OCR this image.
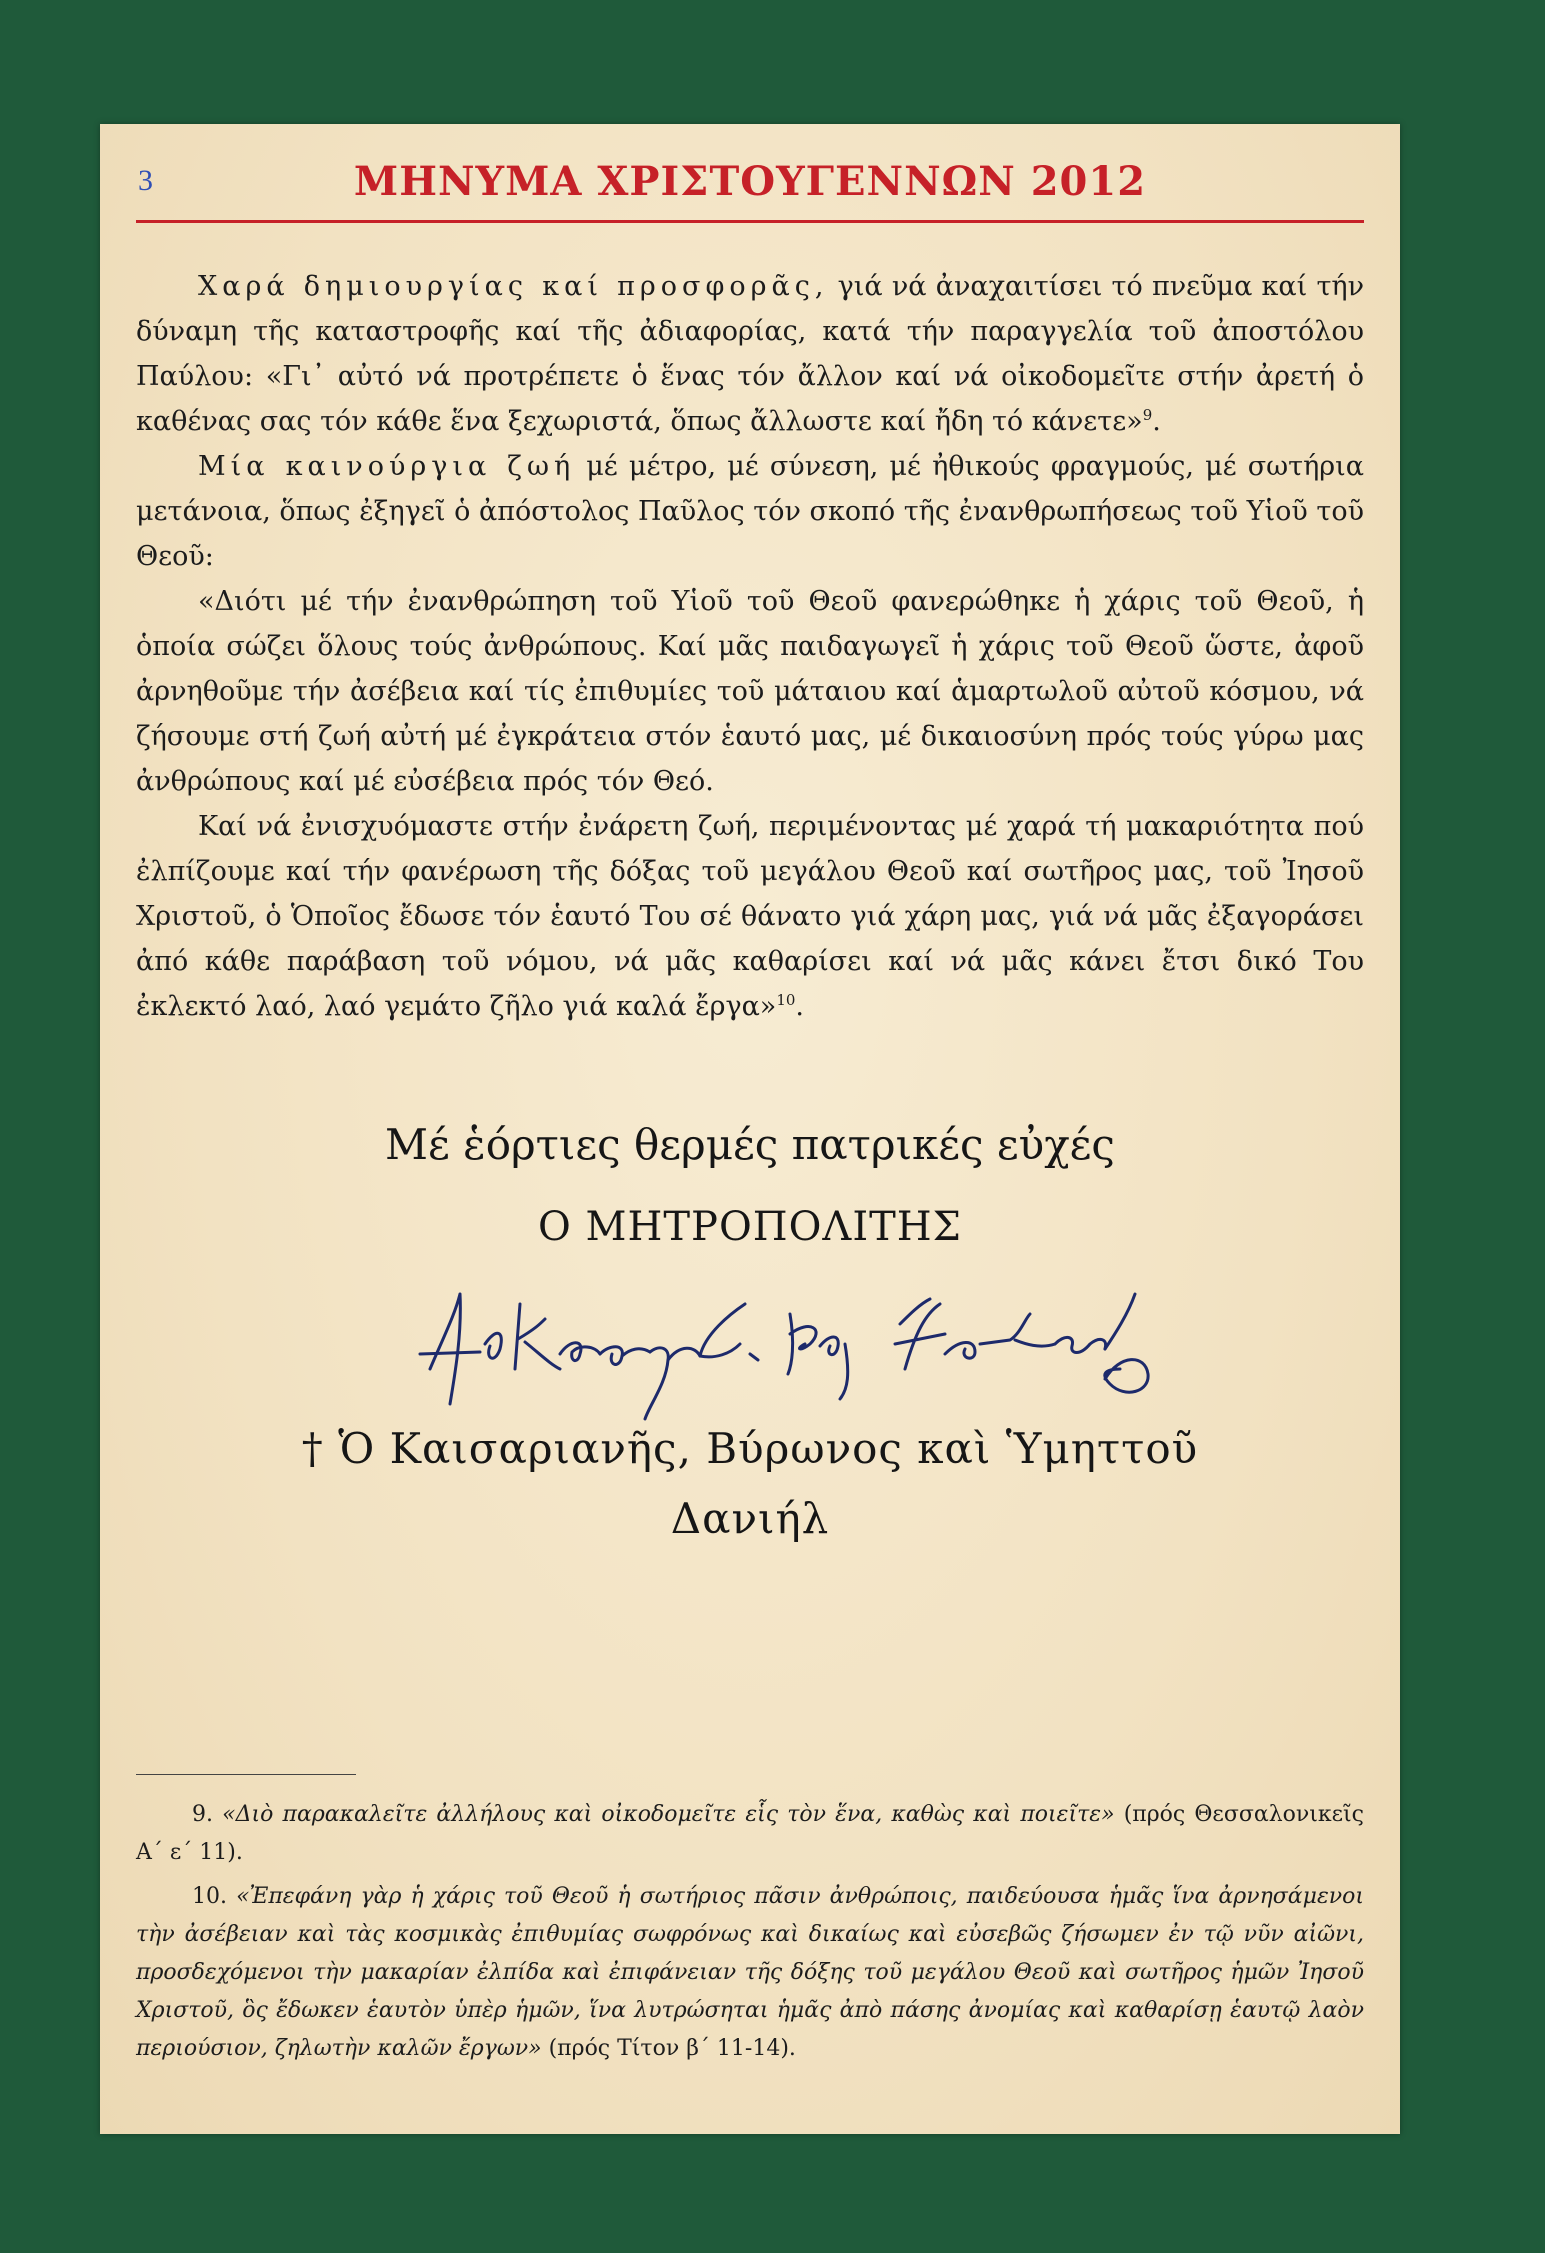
3	ΜΗΝΥΜΑ ΧΡΙΣΤΟΥΓΕΝΝΩΝ 2012

Χαρά δημιουργίας καί προσφορᾶς, γιά νά ἀναχαιτίσει τό πνεῦμα καί τήν δύναμη τῆς καταστροφῆς καί τῆς ἀδιαφορίας, κατά τήν παραγγελία τοῦ ἀποστόλου Παύλου: «Γι᾽ αὐτό νά προτρέπετε ὁ ἕνας τόν ἄλλον καί νά οἰκοδομεῖτε στήν ἀρετή ὁ καθένας σας τόν κάθε ἕνα ξεχωριστά, ὅπως ἄλλωστε καί ἤδη τό κάνετε»$^9$.

Μία καινούργια ζωή μέ μέτρο, μέ σύνεση, μέ ἠθικούς φραγμούς, μέ σωτήρια μετάνοια, ὅπως ἐξηγεῖ ὁ ἀπόστολος Παῦλος τόν σκοπό τῆς ἐνανθρωπήσεως τοῦ Υἱοῦ τοῦ Θεοῦ:

«Διότι μέ τήν ἐνανθρώπηση τοῦ Υἱοῦ τοῦ Θεοῦ φανερώθηκε ἡ χάρις τοῦ Θεοῦ, ἡ ὁποία σώζει ὅλους τούς ἀνθρώπους. Καί μᾶς παιδαγωγεῖ ἡ χάρις τοῦ Θεοῦ ὥστε, ἀφοῦ ἀρνηθοῦμε τήν ἀσέβεια καί τίς ἐπιθυμίες τοῦ μάταιου καί ἁμαρτωλοῦ αὐτοῦ κόσμου, νά ζήσουμε στή ζωή αὐτή μέ ἐγκράτεια στόν ἑαυτό μας, μέ δικαιοσύνη πρός τούς γύρω μας ἀνθρώπους καί μέ εὐσέβεια πρός τόν Θεό.

Καί νά ἐνισχυόμαστε στήν ἐνάρετη ζωή, περιμένοντας μέ χαρά τή μακαριότητα πού ἐλπίζουμε καί τήν φανέρωση τῆς δόξας τοῦ μεγάλου Θεοῦ καί σωτῆρος μας, τοῦ Ἰησοῦ Χριστοῦ, ὁ Ὁποῖος ἔδωσε τόν ἑαυτό Του σέ θάνατο γιά χάρη μας, γιά νά μᾶς ἐξαγοράσει ἀπό κάθε παράβαση τοῦ νόμου, νά μᾶς καθαρίσει καί νά μᾶς κάνει ἔτσι δικό Του ἐκλεκτό λαό, λαό γεμάτο ζῆλο γιά καλά ἔργα»$^{10}$.

Μέ ἑόρτιες θερμές πατρικές εὐχές
Ο ΜΗΤΡΟΠΟΛΙΤΗΣ
† Ὁ Καισαριανῆς, Βύρωνος καὶ Ὑμηττοῦ
Δανιήλ

9. «Διὸ παρακαλεῖτε ἀλλήλους καὶ οἰκοδομεῖτε εἷς τὸν ἕνα, καθὼς καὶ ποιεῖτε» (πρός Θεσσαλονικεῖς Α΄ ε΄ 11).

10. «Ἐπεφάνη γὰρ ἡ χάρις τοῦ Θεοῦ ἡ σωτήριος πᾶσιν ἀνθρώποις, παιδεύουσα ἡμᾶς ἵνα ἀρνησάμενοι τὴν ἀσέβειαν καὶ τὰς κοσμικὰς ἐπιθυμίας σωφρόνως καὶ δικαίως καὶ εὐσεβῶς ζήσωμεν ἐν τῷ νῦν αἰῶνι, προσδεχόμενοι τὴν μακαρίαν ἐλπίδα καὶ ἐπιφάνειαν τῆς δόξης τοῦ μεγάλου Θεοῦ καὶ σωτῆρος ἡμῶν Ἰησοῦ Χριστοῦ, ὃς ἔδωκεν ἑαυτὸν ὑπὲρ ἡμῶν, ἵνα λυτρώσηται ἡμᾶς ἀπὸ πάσης ἀνομίας καὶ καθαρίσῃ ἑαυτῷ λαὸν περιούσιον, ζηλωτὴν καλῶν ἔργων» (πρός Τίτον β΄ 11-14).
